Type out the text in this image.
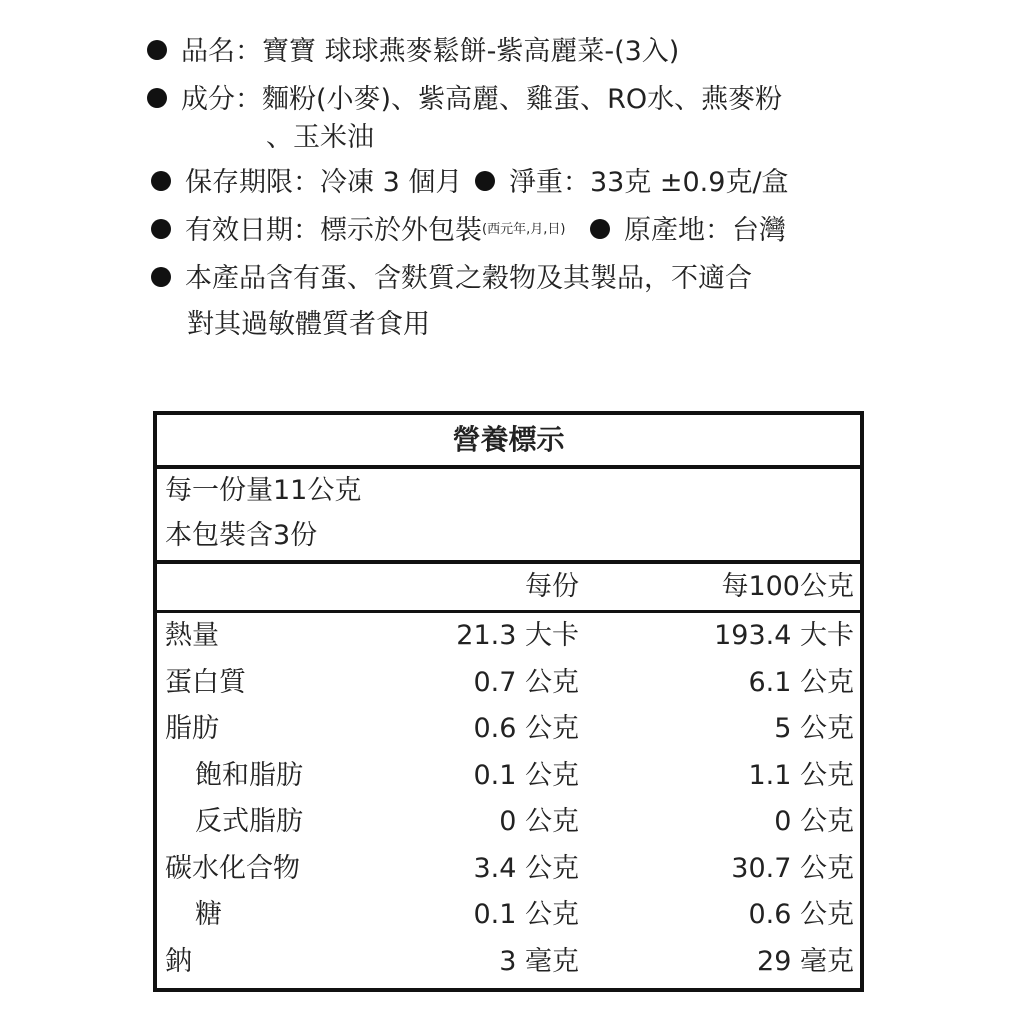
品名：寶寶 球球燕麥鬆餅-紫高麗菜-(3入)
成分：麵粉(小麥)、紫高麗、雞蛋、RO水、燕麥粉
、玉米油
保存期限：冷凍 3 個月 淨重：33克 ±0.9克/盒
有效日期：標示於外包裝(西元年,月,日) 原產地：台灣
本產品含有蛋、含麩質之穀物及其製品，不適合
對其過敏體質者食用
營養標示
每一份量11公克
本包裝含3份
每份	每100公克
熱量	21.3 大卡	193.4 大卡
蛋白質	0.7 公克	6.1 公克
脂肪	0.6 公克	5 公克
飽和脂肪	0.1 公克	1.1 公克
反式脂肪	0 公克	0 公克
碳水化合物	3.4 公克	30.7 公克
糖	0.1 公克	0.6 公克
鈉	3 毫克	29 毫克
